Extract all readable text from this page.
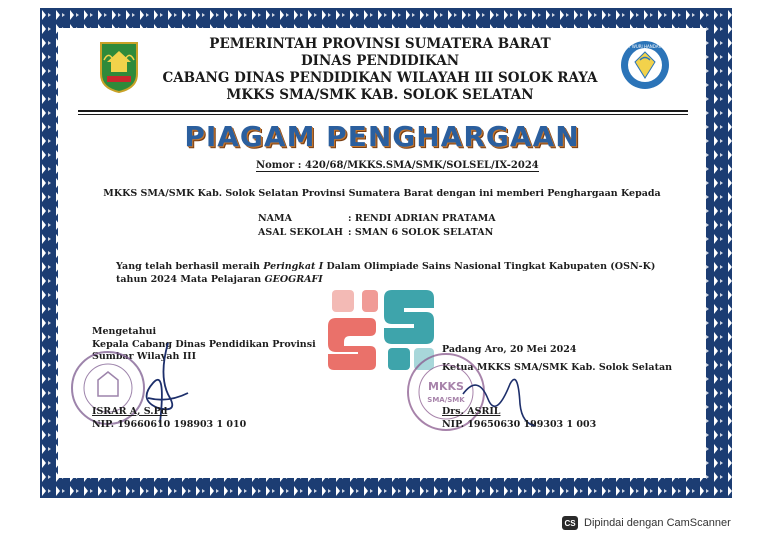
PEMERINTAH PROVINSI SUMATERA BARAT
DINAS PENDIDIKAN
CABANG DINAS PENDIDIKAN WILAYAH III SOLOK RAYA
MKKS SMA/SMK KAB. SOLOK SELATAN
TUT WURI HANDAYANI
PIAGAM PENGHARGAAN
Nomor : 420/68/MKKS.SMA/SMK/SOLSEL/IX-2024
MKKS SMA/SMK Kab. Solok Selatan Provinsi Sumatera Barat dengan ini memberi Penghargaan Kepada
NAMA	: RENDI ADRIAN PRATAMA
ASAL SEKOLAH : SMAN 6 SOLOK SELATAN
Yang telah berhasil meraih Peringkat I Dalam Olimpiade Sains Nasional Tingkat Kabupaten (OSN-K) tahun 2024 Mata Pelajaran GEOGRAFI
Mengetahui
Kepala Cabang Dinas Pendidikan Provinsi
Sumbar Wilayah III
ISRAR A, S.Pd
NIP. 19660610 198903 1 010
Padang Aro, 20 Mei 2024
Ketua MKKS SMA/SMK Kab. Solok Selatan
MKKS
SMA/SMK
Drs. ASRIL
NIP. 19650630 199303 1 003
CS Dipindai dengan CamScanner
